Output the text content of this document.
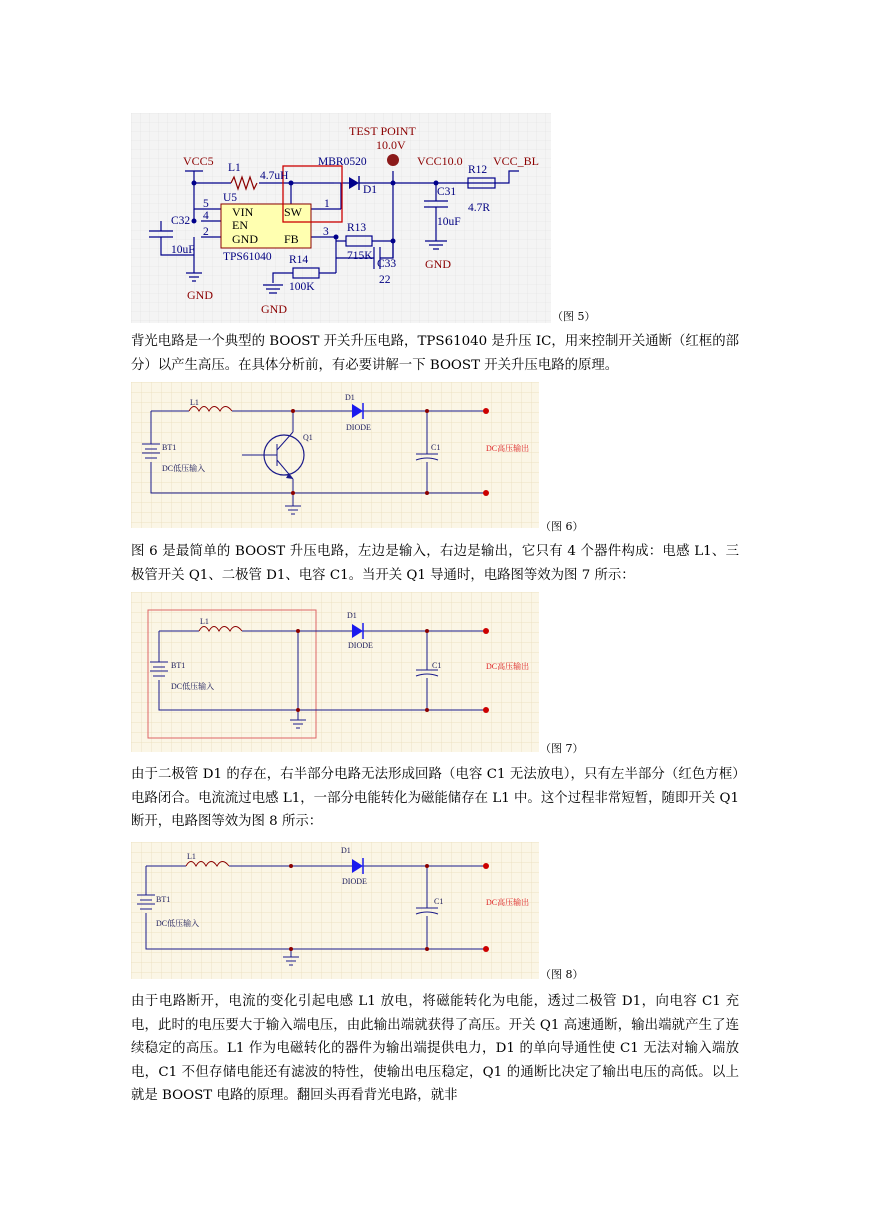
TEST POINT
10.0V
VCC5	VCC10.0	VCC_BL
GND
GND
GND
L1
4.7uH
MBR0520
D1
R12
C31
4.7R
10uF
U5
5
4
2
1
3
C32
10uF
R13
715K
C33
22
R14
100K
TPS61040
VIN
EN
GND
SW
FB
（图 5）
背光电路是一个典型的 BOOST 开关升压电路，TPS61040 是升压 IC，用来控制开关通断（红框的部分）以产生高压。在具体分析前，有必要讲解一下 BOOST 开关升压电路的原理。
L1
D1
DIODE
Q1
BT1
DC低压输入
C1	DC高压输出
（图 6）
图 6 是最简单的 BOOST 升压电路，左边是输入，右边是输出，它只有 4 个器件构成：电感 L1、三极管开关 Q1、二极管 D1、电容 C1。当开关 Q1 导通时，电路图等效为图 7 所示：
L1
D1
DIODE
BT1
DC低压输入
C1	DC高压输出
（图 7）
由于二极管 D1 的存在，右半部分电路无法形成回路（电容 C1 无法放电），只有左半部分（红色方框）电路闭合。电流流过电感 L1，一部分电能转化为磁能储存在 L1 中。这个过程非常短暂，随即开关 Q1 断开，电路图等效为图 8 所示：
L1
D1
DIODE
BT1
DC低压输入
C1	DC高压输出
（图 8）
由于电路断开，电流的变化引起电感 L1 放电，将磁能转化为电能，透过二极管 D1，向电容 C1 充电，此时的电压要大于输入端电压，由此输出端就获得了高压。开关 Q1 高速通断，输出端就产生了连续稳定的高压。L1 作为电磁转化的器件为输出端提供电力，D1 的单向导通性使 C1 无法对输入端放电，C1 不但存储电能还有滤波的特性，使输出电压稳定，Q1 的通断比决定了输出电压的高低。以上就是 BOOST 电路的原理。翻回头再看背光电路，就非
